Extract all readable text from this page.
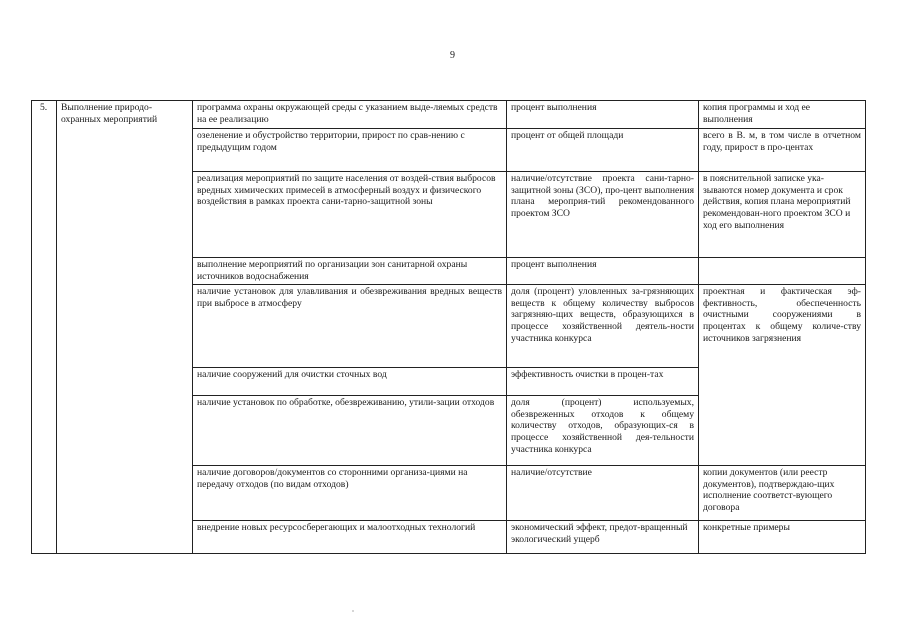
9
5.	Выполнение природо-охранных мероприятий	программа охраны окружающей среды с указанием выде-ляемых средств на ее реализацию	процент выполнения	копия программы и ход ее выполнения
		озеленение и обустройство территории, прирост по срав-нению с предыдущим годом	процент от общей площади	всего в В. м, в том числе в отчетном году, прирост в про-центах
		реализация мероприятий по защите населения от воздей-ствия выбросов вредных химических примесей в атмосферный воздух и физического воздействия в рамках проекта сани-тарно-защитной зоны	наличие/отсутствие проекта сани-тарно-защитной зоны (ЗСО), про-цент выполнения плана мероприя-тий рекомендованного проектом ЗСО	в пояснительной записке ука-зываются номер документа и срок действия, копия плана мероприятий рекомендован-ного проектом ЗСО и ход его выполнения
		выполнение мероприятий по организации зон санитарной охраны источников водоснабжения	процент выполнения	
		наличие установок для улавливания и обезвреживания вредных веществ при выбросе в атмосферу	доля (процент) уловленных за-грязняющих веществ к общему количеству выбросов загрязняю-щих веществ, образующихся в процессе хозяйственной деятель-ности участника конкурса	проектная и фактическая эф-фективность, обеспеченность очистными сооружениями в процентах к общему количе-ству источников загрязнения
		наличие сооружений для очистки сточных вод	эффективность очистки в процен-тах	
		наличие установок по обработке, обезвреживанию, утили-зации отходов	доля (процент) используемых, обезвреженных отходов к общему количеству отходов, образующих-ся в процессе хозяйственной дея-тельности участника конкурса	
		наличие договоров/документов со сторонними организа-циями на передачу отходов (по видам отходов)	наличие/отсутствие	копии документов (или реестр документов), подтверждаю-щих исполнение соответст-вующего договора
		внедрение новых ресурсосберегающих и малоотходных технологий	экономический эффект, предот-вращенный экологический ущерб	конкретные примеры
